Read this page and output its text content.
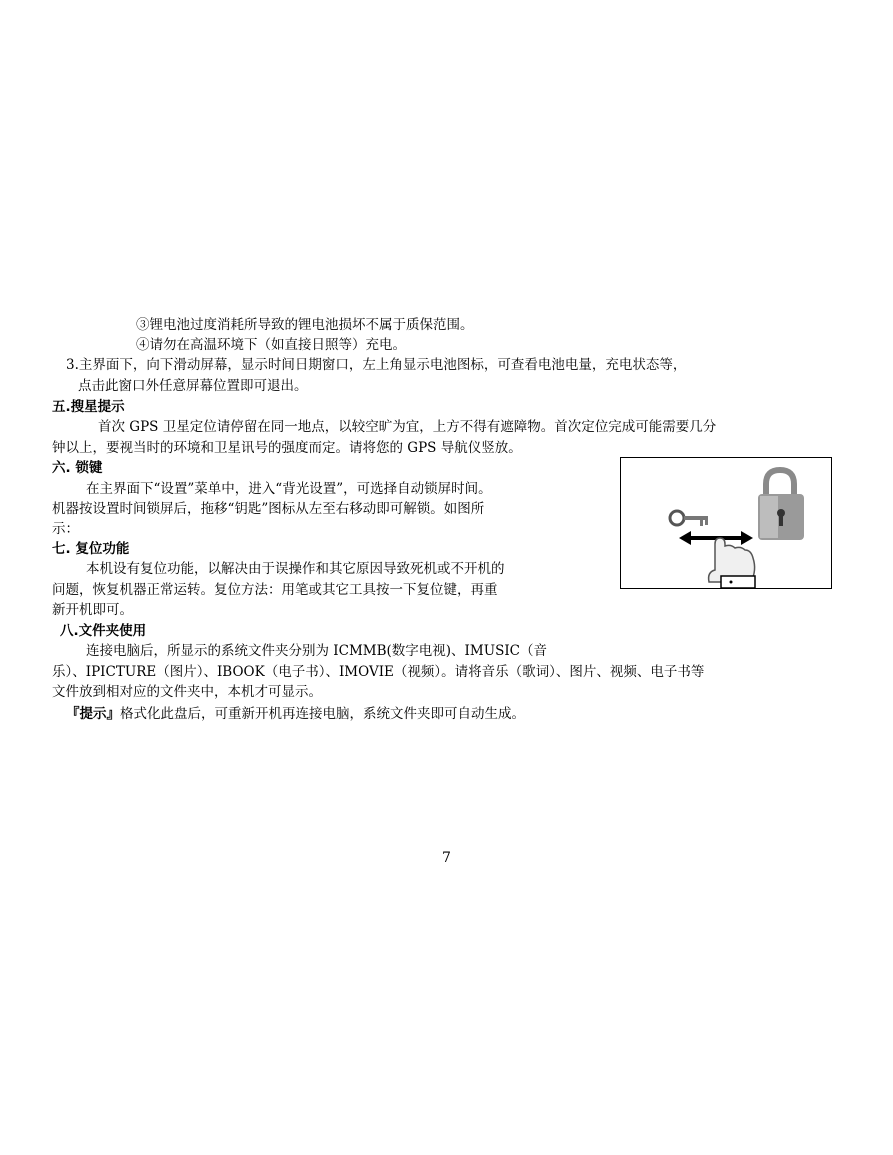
③锂电池过度消耗所导致的锂电池损坏不属于质保范围。
④请勿在高温环境下（如直接日照等）充电。
3.主界面下，向下滑动屏幕，显示时间日期窗口，左上角显示电池图标，可查看电池电量，充电状态等，
点击此窗口外任意屏幕位置即可退出。
五.搜星提示
首次 GPS 卫星定位请停留在同一地点，以较空旷为宜，上方不得有遮障物。首次定位完成可能需要几分
钟以上，要视当时的环境和卫星讯号的强度而定。请将您的 GPS 导航仪竖放。
六. 锁键
在主界面下“设置”菜单中，进入“背光设置”，可选择自动锁屏时间。
机器按设置时间锁屏后，拖移“钥匙”图标从左至右移动即可解锁。如图所
示：
七. 复位功能
本机设有复位功能，以解决由于误操作和其它原因导致死机或不开机的
问题，恢复机器正常运转。复位方法：用笔或其它工具按一下复位键，再重
新开机即可。
八.文件夹使用
连接电脑后，所显示的系统文件夹分别为 ICMMB(数字电视)、IMUSIC（音
乐）、IPICTURE（图片）、IBOOK（电子书）、IMOVIE（视频）。请将音乐（歌词）、图片、视频、电子书等
文件放到相对应的文件夹中，本机才可显示。
『提示』格式化此盘后，可重新开机再连接电脑，系统文件夹即可自动生成。
7
